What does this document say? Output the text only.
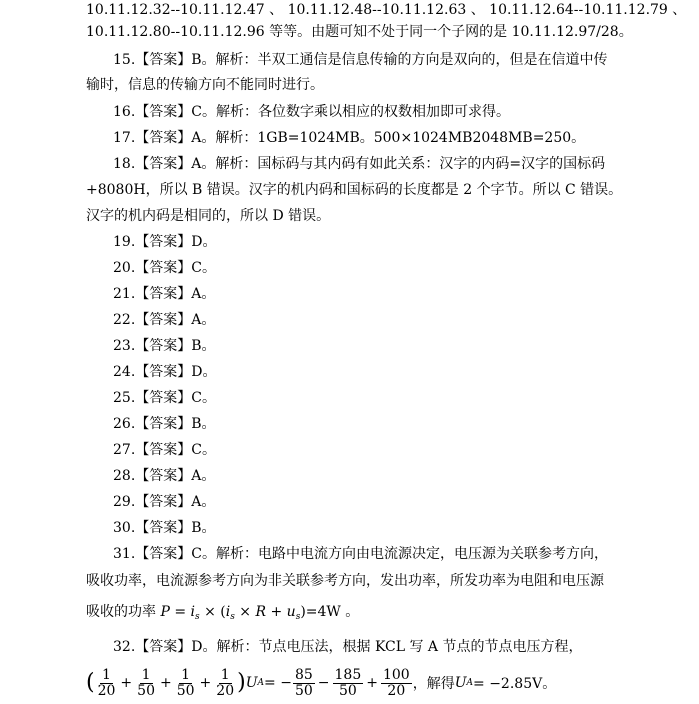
10.11.12.32--10.11.12.47 、 10.11.12.48--10.11.12.63 、 10.11.12.64--10.11.12.79 、
10.11.12.80--10.11.12.96 等等。由题可知不处于同一个子网的是 10.11.12.97/28。
15.【答案】B。解析：半双工通信是信息传输的方向是双向的，但是在信道中传
输时，信息的传输方向不能同时进行。
16.【答案】C。解析：各位数字乘以相应的权数相加即可求得。
17.【答案】A。解析：1GB=1024MB。500×1024MB2048MB=250。
18.【答案】A。解析：国标码与其内码有如此关系：汉字的内码=汉字的国标码
+8080H，所以 B 错误。汉字的机内码和国标码的长度都是 2 个字节。所以 C 错误。
汉字的机内码是相同的，所以 D 错误。
19.【答案】D。
20.【答案】C。
21.【答案】A。
22.【答案】A。
23.【答案】B。
24.【答案】D。
25.【答案】C。
26.【答案】B。
27.【答案】C。
28.【答案】A。
29.【答案】A。
30.【答案】B。
31.【答案】C。解析：电路中电流方向由电流源决定，电压源为关联参考方向，
吸收功率，电流源参考方向为非关联参考方向，发出功率，所发功率为电阻和电压源
吸收的功率 $P = i_s \times (i_s \times R + u_s)=4W$ 。
32.【答案】D。解析：节点电压法，根据 KCL 写 A 节点的节点电压方程，
( $\frac{1}{20} + \frac{1}{50} + \frac{1}{50} + \frac{1}{20}$ ) U A = − $\frac{85}{50} - \frac{185}{50} + \frac{100}{20}$ ，解得 U A = −2.85V。
